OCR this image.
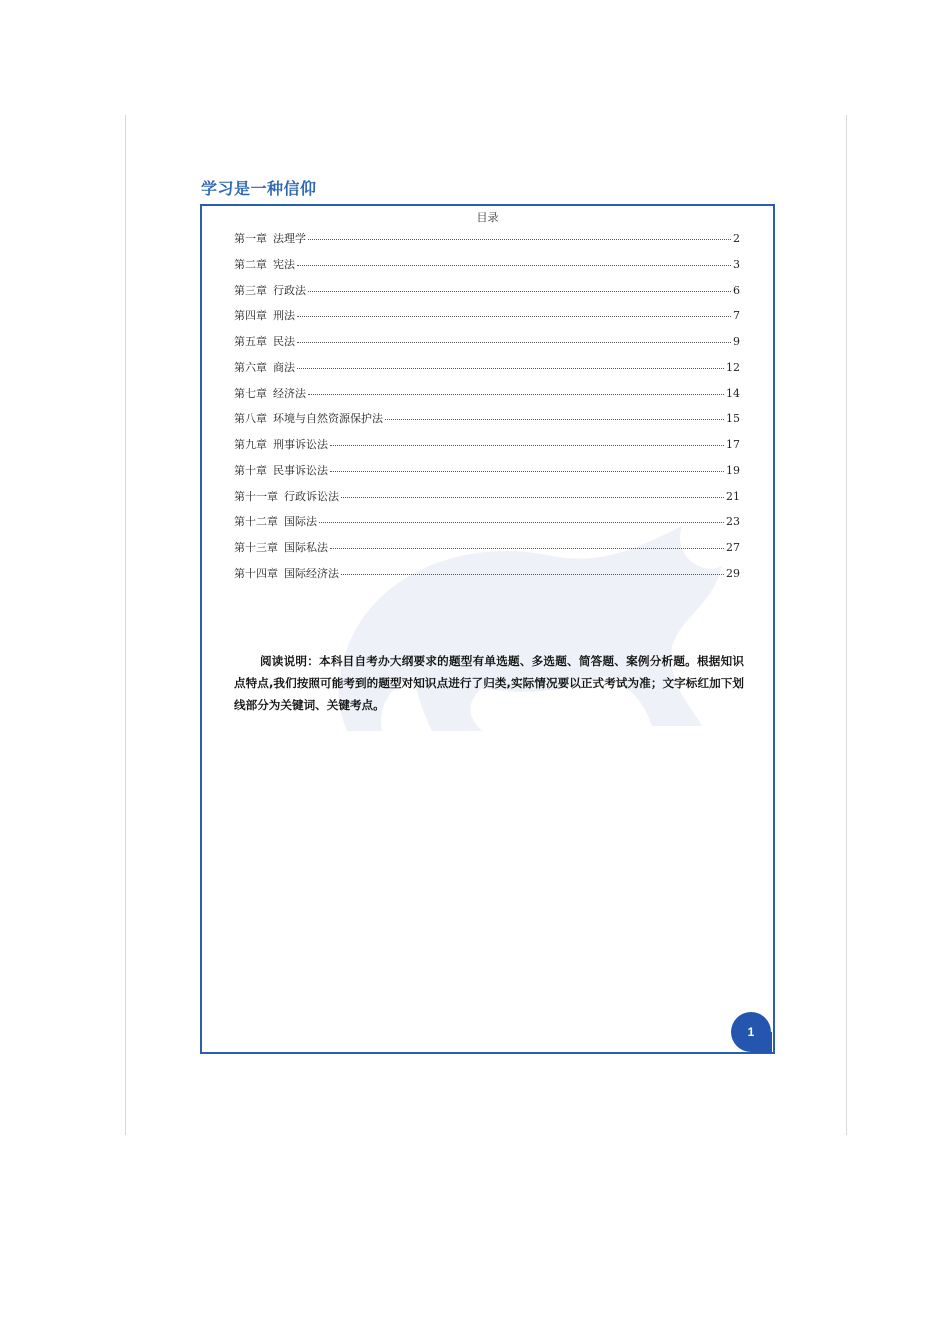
学习是一种信仰
目录
第一章 法理学	2
第二章 宪法	3
第三章 行政法	6
第四章 刑法	7
第五章 民法	9
第六章 商法	12
第七章 经济法	14
第八章 环境与自然资源保护法	15
第九章 刑事诉讼法	17
第十章 民事诉讼法	19
第十一章 行政诉讼法	21
第十二章 国际法	23
第十三章 国际私法	27
第十四章 国际经济法	29

阅读说明：本科目自考办大纲要求的题型有单选题、多选题、简答题、案例分析题。根据知识点特点,我们按照可能考到的题型对知识点进行了归类,实际情况要以正式考试为准；文字标红加下划线部分为关键词、关键考点。

1
